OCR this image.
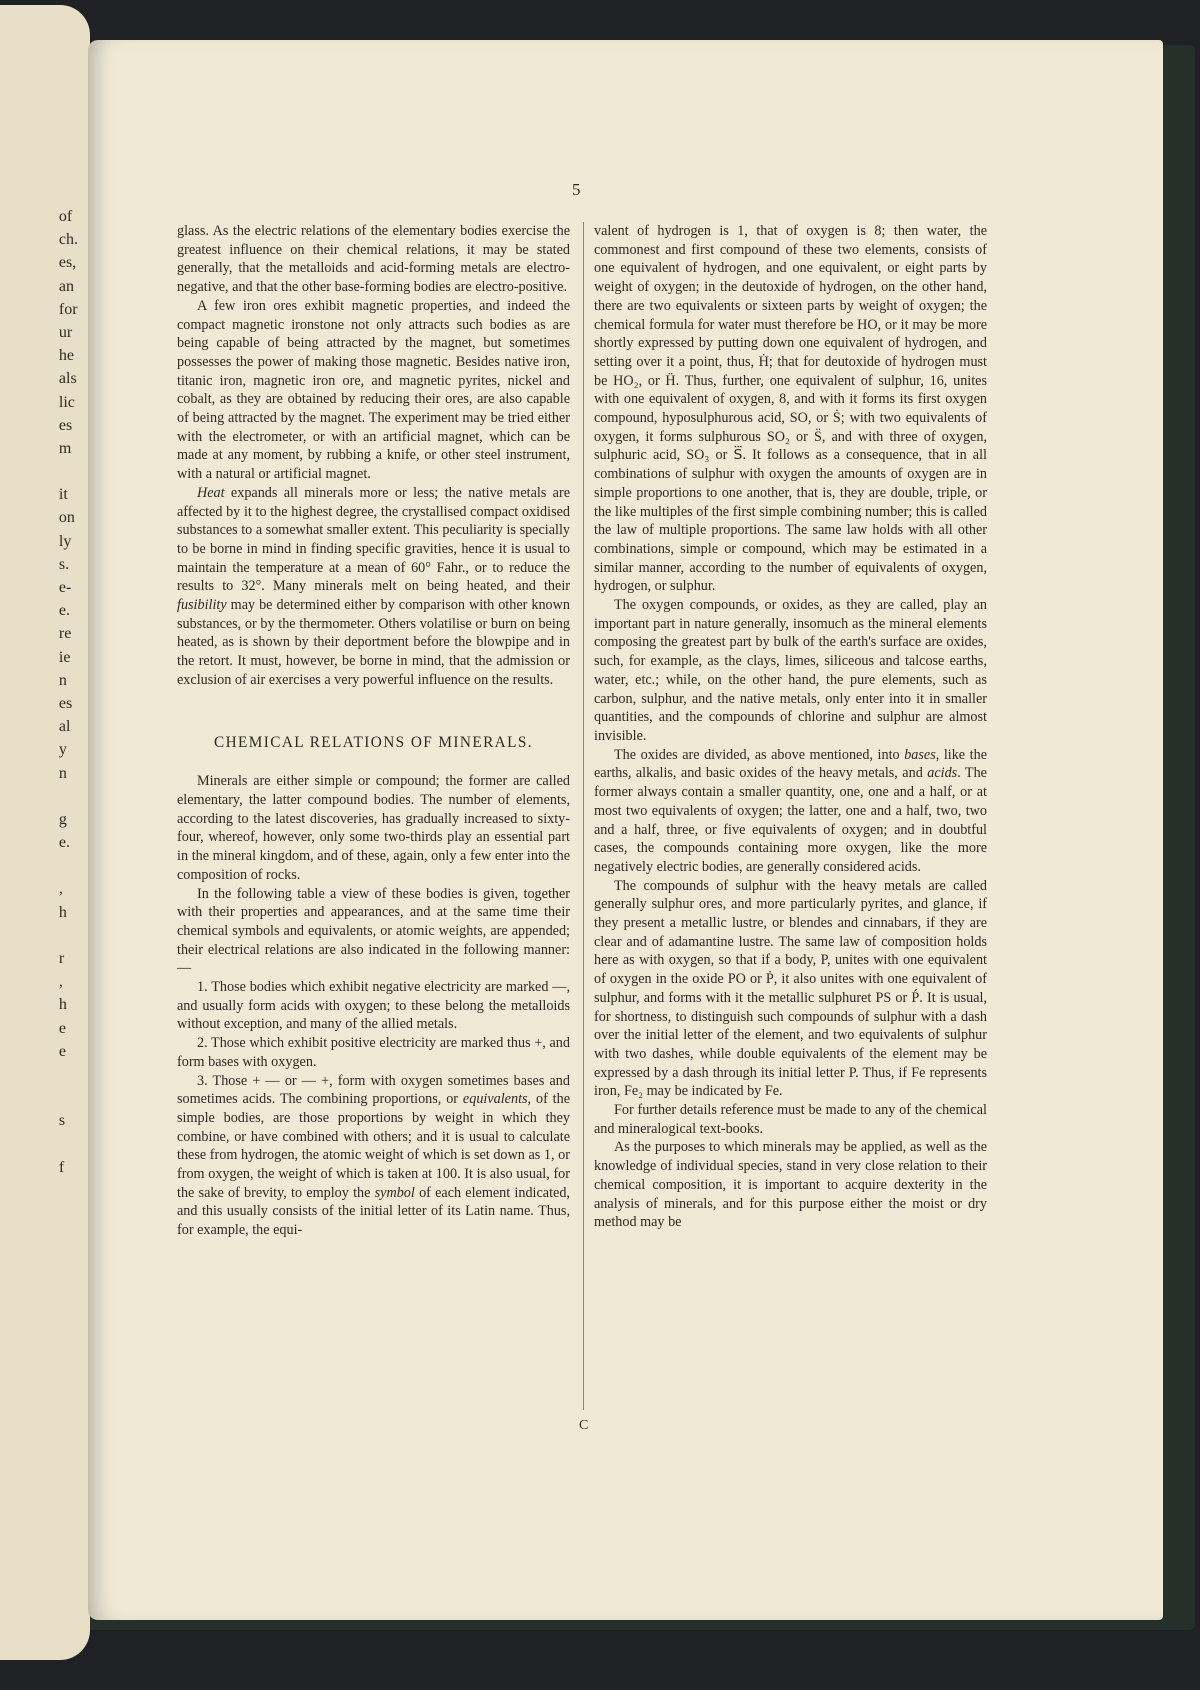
of
ch.
es,
an
for
ur
he
als
lic
es
m
it
on
ly
s.
e-
e.
re
ie
n
es
al
y
n
g
e.
,
h
r
,
h
e
e
s
f
5

glass. As the electric relations of the elementary bodies exercise the greatest influence on their chemical relations, it may be stated generally, that the metalloids and acid-forming metals are electro-negative, and that the other base-forming bodies are electro-positive.

A few iron ores exhibit magnetic properties, and indeed the compact magnetic ironstone not only attracts such bodies as are being capable of being attracted by the magnet, but sometimes possesses the power of making those magnetic. Besides native iron, titanic iron, magnetic iron ore, and magnetic pyrites, nickel and cobalt, as they are obtained by reducing their ores, are also capable of being attracted by the magnet. The experiment may be tried either with the electrometer, or with an artificial magnet, which can be made at any moment, by rubbing a knife, or other steel instrument, with a natural or artificial magnet.

Heat expands all minerals more or less; the native metals are affected by it to the highest degree, the crystallised compact oxidised substances to a somewhat smaller extent. This peculiarity is specially to be borne in mind in finding specific gravities, hence it is usual to maintain the temperature at a mean of 60° Fahr., or to reduce the results to 32°. Many minerals melt on being heated, and their fusibility may be determined either by comparison with other known substances, or by the thermometer. Others volatilise or burn on being heated, as is shown by their deportment before the blowpipe and in the retort. It must, however, be borne in mind, that the admission or exclusion of air exercises a very powerful influence on the results.

CHEMICAL RELATIONS OF MINERALS.

Minerals are either simple or compound; the former are called elementary, the latter compound bodies. The number of elements, according to the latest discoveries, has gradually increased to sixty-four, whereof, however, only some two-thirds play an essential part in the mineral kingdom, and of these, again, only a few enter into the composition of rocks.

In the following table a view of these bodies is given, together with their properties and appearances, and at the same time their chemical symbols and equivalents, or atomic weights, are appended; their electrical relations are also indicated in the following manner:—

1. Those bodies which exhibit negative electricity are marked —, and usually form acids with oxygen; to these belong the metalloids without exception, and many of the allied metals.

2. Those which exhibit positive electricity are marked thus +, and form bases with oxygen.

3. Those + — or — +, form with oxygen sometimes bases and sometimes acids. The combining proportions, or equivalents, of the simple bodies, are those proportions by weight in which they combine, or have combined with others; and it is usual to calculate these from hydrogen, the atomic weight of which is set down as 1, or from oxygen, the weight of which is taken at 100. It is also usual, for the sake of brevity, to employ the symbol of each element indicated, and this usually consists of the initial letter of its Latin name. Thus, for example, the equi-

valent of hydrogen is 1, that of oxygen is 8; then water, the commonest and first compound of these two elements, consists of one equivalent of hydrogen, and one equivalent, or eight parts by weight of oxygen; in the deutoxide of hydrogen, on the other hand, there are two equivalents or sixteen parts by weight of oxygen; the chemical formula for water must therefore be HO, or it may be more shortly expressed by putting down one equivalent of hydrogen, and setting over it a point, thus, Ḣ; that for deutoxide of hydrogen must be HO₂, or Ḧ. Thus, further, one equivalent of sulphur, 16, unites with one equivalent of oxygen, 8, and with it forms its first oxygen compound, hyposulphurous acid, SO, or Ṡ; with two equivalents of oxygen, it forms sulphurous SO₂ or S̈, and with three of oxygen, sulphuric acid, SO₃ or S⃛. It follows as a consequence, that in all combinations of sulphur with oxygen the amounts of oxygen are in simple proportions to one another, that is, they are double, triple, or the like multiples of the first simple combining number; this is called the law of multiple proportions. The same law holds with all other combinations, simple or compound, which may be estimated in a similar manner, according to the number of equivalents of oxygen, hydrogen, or sulphur.

The oxygen compounds, or oxides, as they are called, play an important part in nature generally, insomuch as the mineral elements composing the greatest part by bulk of the earth's surface are oxides, such, for example, as the clays, limes, siliceous and talcose earths, water, etc.; while, on the other hand, the pure elements, such as carbon, sulphur, and the native metals, only enter into it in smaller quantities, and the compounds of chlorine and sulphur are almost invisible.

The oxides are divided, as above mentioned, into bases, like the earths, alkalis, and basic oxides of the heavy metals, and acids. The former always contain a smaller quantity, one, one and a half, or at most two equivalents of oxygen; the latter, one and a half, two, two and a half, three, or five equivalents of oxygen; and in doubtful cases, the compounds containing more oxygen, like the more negatively electric bodies, are generally considered acids.

The compounds of sulphur with the heavy metals are called generally sulphur ores, and more particularly pyrites, and glance, if they present a metallic lustre, or blendes and cinnabars, if they are clear and of adamantine lustre. The same law of composition holds here as with oxygen, so that if a body, P, unites with one equivalent of oxygen in the oxide PO or Ṗ, it also unites with one equivalent of sulphur, and forms with it the metallic sulphuret PS or Ṕ. It is usual, for shortness, to distinguish such compounds of sulphur with a dash over the initial letter of the element, and two equivalents of sulphur with two dashes, while double equivalents of the element may be expressed by a dash through its initial letter P. Thus, if Fe represents iron, Fe₂ may be indicated by Fe.

For further details reference must be made to any of the chemical and mineralogical text-books.

As the purposes to which minerals may be applied, as well as the knowledge of individual species, stand in very close relation to their chemical composition, it is important to acquire dexterity in the analysis of minerals, and for this purpose either the moist or dry method may be

C
